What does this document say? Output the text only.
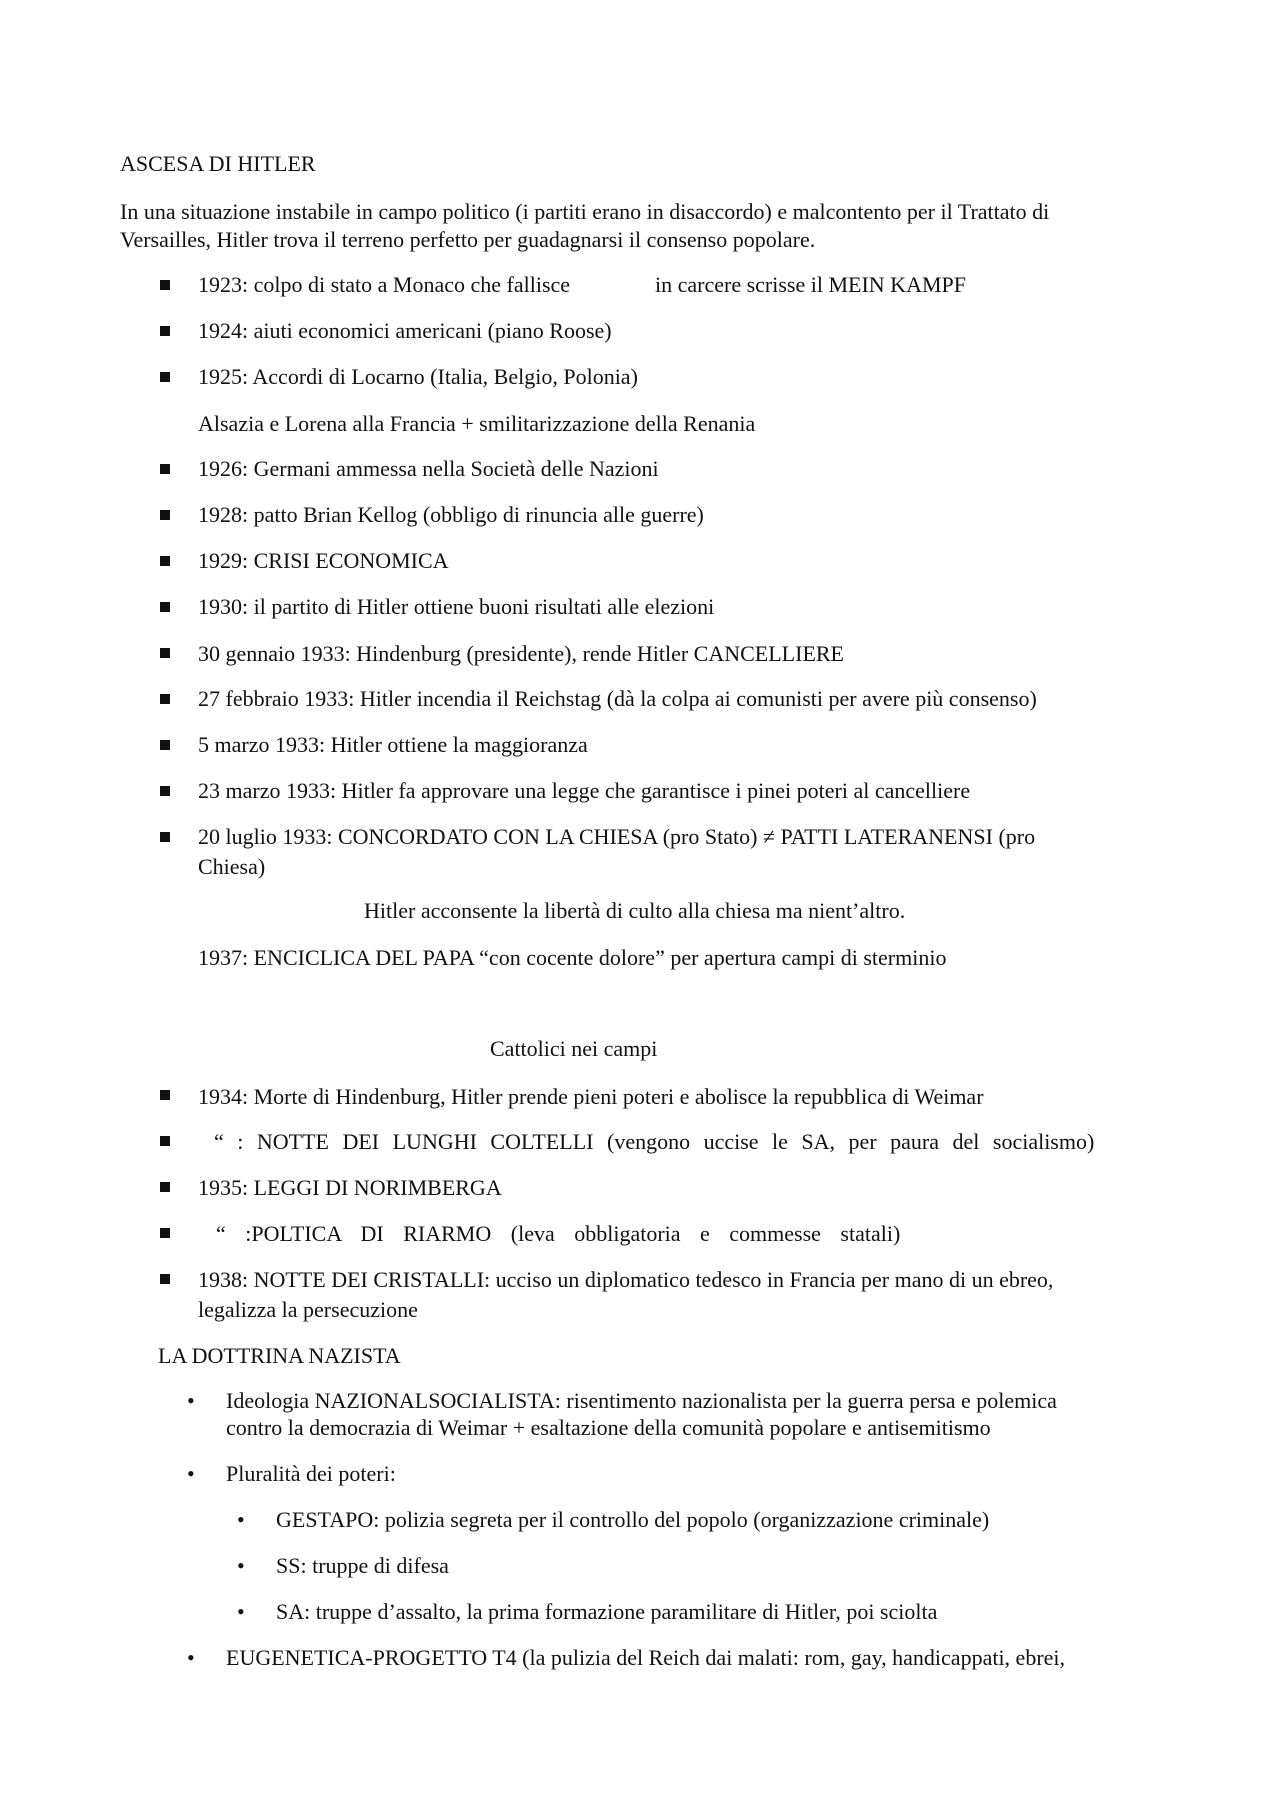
ASCESA DI HITLER
In una situazione instabile in campo politico (i partiti erano in disaccordo) e malcontento per il Trattato di
Versailles, Hitler trova il terreno perfetto per guadagnarsi il consenso popolare.
1923: colpo di stato a Monaco che fallisce	in carcere scrisse il MEIN KAMPF
1924: aiuti economici americani (piano Roose)
1925: Accordi di Locarno (Italia, Belgio, Polonia)
Alsazia e Lorena alla Francia + smilitarizzazione della Renania
1926: Germani ammessa nella Società delle Nazioni
1928: patto Brian Kellog (obbligo di rinuncia alle guerre)
1929: CRISI ECONOMICA
1930: il partito di Hitler ottiene buoni risultati alle elezioni
30 gennaio 1933: Hindenburg (presidente), rende Hitler CANCELLIERE
27 febbraio 1933: Hitler incendia il Reichstag (dà la colpa ai comunisti per avere più consenso)
5 marzo 1933: Hitler ottiene la maggioranza
23 marzo 1933: Hitler fa approvare una legge che garantisce i pinei poteri al cancelliere
20 luglio 1933: CONCORDATO CON LA CHIESA (pro Stato) ≠ PATTI LATERANENSI (pro
Chiesa)
Hitler acconsente la libertà di culto alla chiesa ma nient’altro.
1937: ENCICLICA DEL PAPA “con cocente dolore” per apertura campi di sterminio
Cattolici nei campi
1934: Morte di Hindenburg, Hitler prende pieni poteri e abolisce la repubblica di Weimar
“ : NOTTE DEI LUNGHI COLTELLI (vengono uccise le SA, per paura del socialismo)
1935: LEGGI DI NORIMBERGA
“ :POLTICA DI RIARMO (leva obbligatoria e commesse statali)
1938: NOTTE DEI CRISTALLI: ucciso un diplomatico tedesco in Francia per mano di un ebreo,
legalizza la persecuzione
LA DOTTRINA NAZISTA
• Ideologia NAZIONALSOCIALISTA: risentimento nazionalista per la guerra persa e polemica
contro la democrazia di Weimar + esaltazione della comunità popolare e antisemitismo
• Pluralità dei poteri:
• GESTAPO: polizia segreta per il controllo del popolo (organizzazione criminale)
• SS: truppe di difesa
• SA: truppe d’assalto, la prima formazione paramilitare di Hitler, poi sciolta
• EUGENETICA-PROGETTO T4 (la pulizia del Reich dai malati: rom, gay, handicappati, ebrei,
